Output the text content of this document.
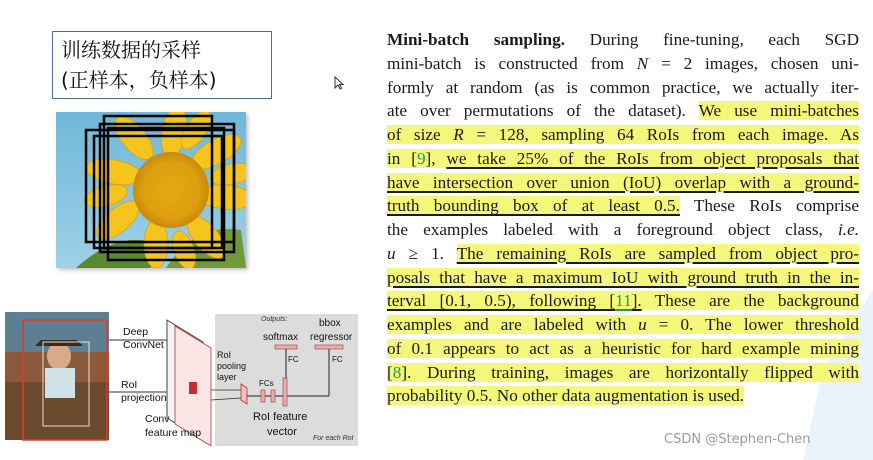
训练数据的采样
(正样本，负样本)
Deep
ConvNet
RoI
projection
Conv
feature map
Outputs:
softmax
bbox
regressor
FC	FC
RoI
pooling
layer
FCs
RoI feature
vector
For each RoI
Mini-batch sampling. During fine-tuning, each SGD
mini-batch is constructed from N = 2 images, chosen uni-
formly at random (as is common practice, we actually iter-
ate over permutations of the dataset). We use mini-batches
of size R = 128, sampling 64 RoIs from each image. As
in [9], we take 25% of the RoIs from object proposals that
have intersection over union (IoU) overlap with a ground-
truth bounding box of at least 0.5. These RoIs comprise
the examples labeled with a foreground object class, i.e.
u ≥ 1. The remaining RoIs are sampled from object pro-
posals that have a maximum IoU with ground truth in the in-
terval [0.1, 0.5), following [11]. These are the background
examples and are labeled with u = 0. The lower threshold
of 0.1 appears to act as a heuristic for hard example mining
[8]. During training, images are horizontally flipped with
probability 0.5. No other data augmentation is used.
CSDN @Stephen-Chen
